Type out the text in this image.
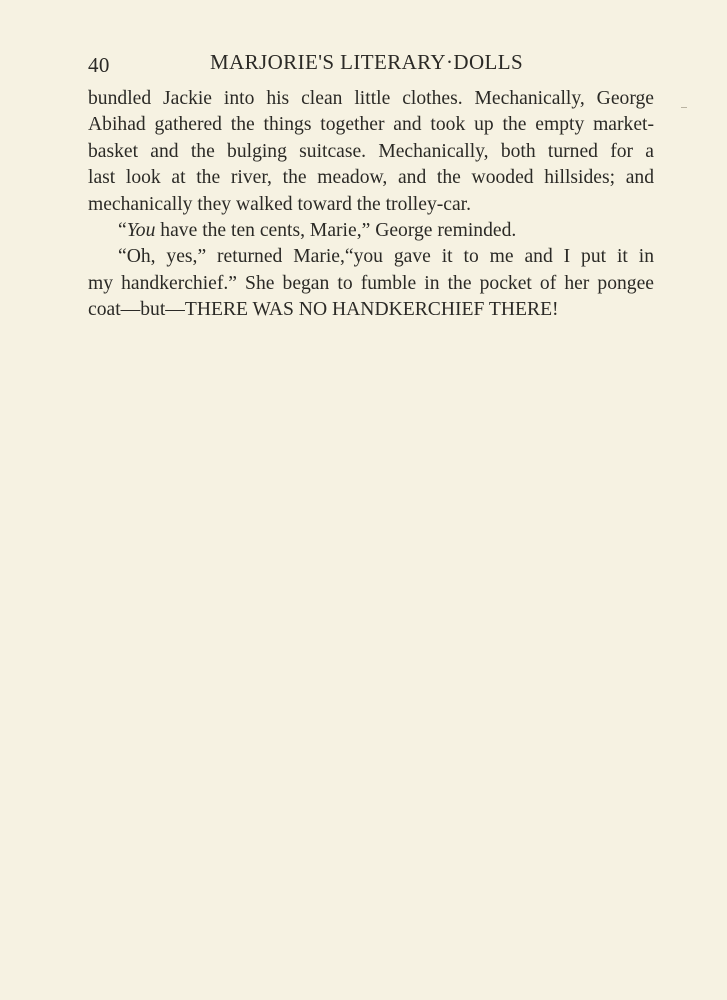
40	MARJORIE'S LITERARY·DOLLS
bundled Jackie into his clean little clothes. Mechanically, George
Abihad gathered the things together and took up the empty market-
basket and the bulging suitcase. Mechanically, both turned for a
last look at the river, the meadow, and the wooded hillsides; and
mechanically they walked toward the trolley-car.
“You have the ten cents, Marie,” George reminded.
“Oh, yes,” returned Marie,“you gave it to me and I put it in
my handkerchief.” She began to fumble in the pocket of her pongee
coat—but—THERE WAS NO HANDKERCHIEF THERE!
